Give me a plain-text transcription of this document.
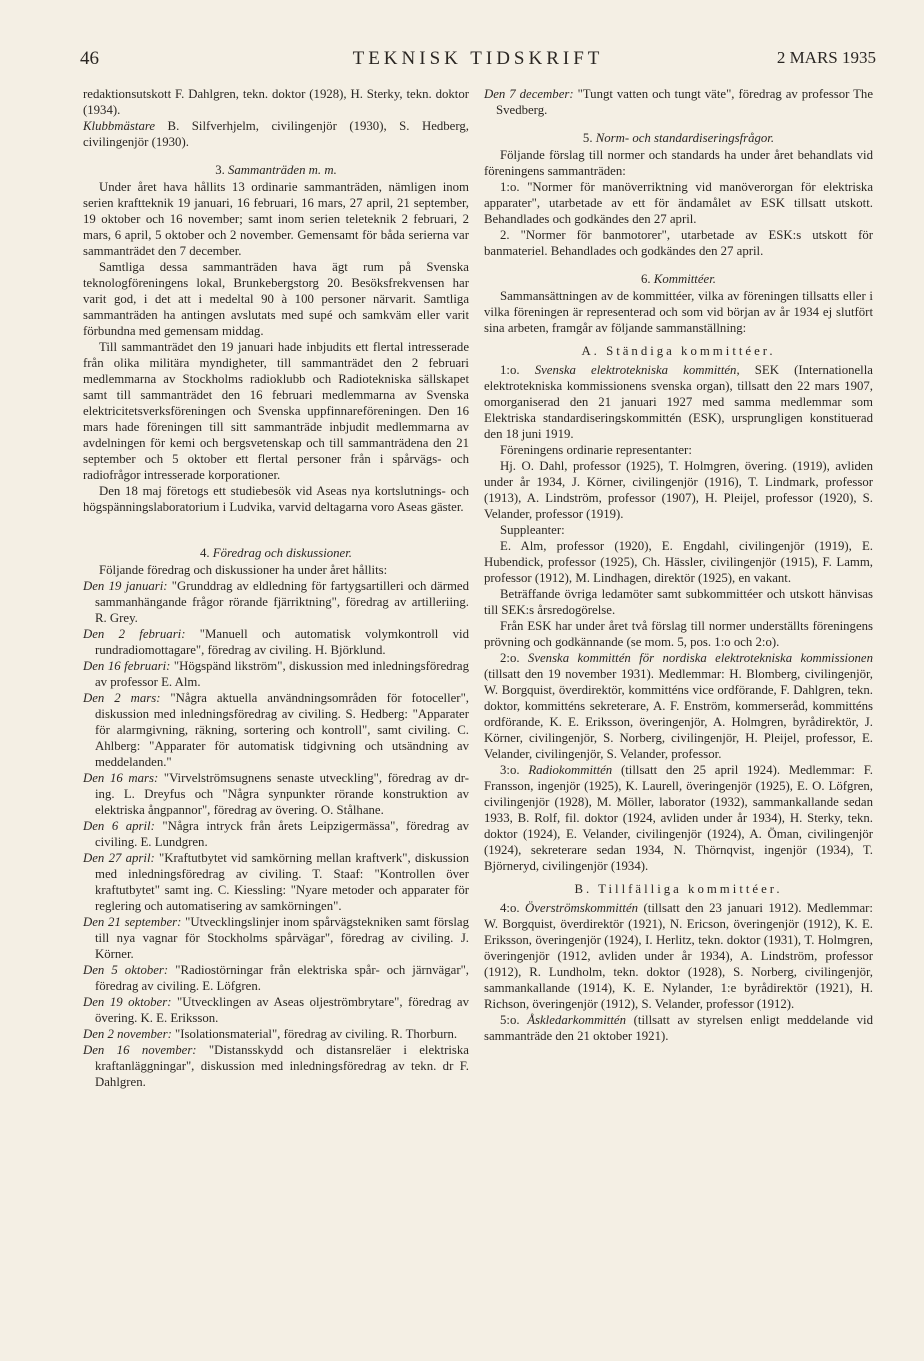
46	TEKNISK TIDSKRIFT	2 MARS 1935

redaktionsutskott F. Dahlgren, tekn. doktor (1928), H. Sterky, tekn. doktor (1934).

Klubbmästare B. Silfverhjelm, civilingenjör (1930), S. Hedberg, civilingenjör (1930).

3. Sammanträden m. m.

Under året hava hållits 13 ordinarie sammanträden, nämligen inom serien kraftteknik 19 januari, 16 februari, 16 mars, 27 april, 21 september, 19 oktober och 16 november; samt inom serien teleteknik 2 februari, 2 mars, 6 april, 5 oktober och 2 november. Gemensamt för båda serierna var sammanträdet den 7 december.

Samtliga dessa sammanträden hava ägt rum på Svenska teknologföreningens lokal, Brunkebergstorg 20. Besöksfrekvensen har varit god, i det att i medeltal 90 à 100 personer närvarit. Samtliga sammanträden ha antingen avslutats med supé och samkväm eller varit förbundna med gemensam middag.

Till sammanträdet den 19 januari hade inbjudits ett flertal intresserade från olika militära myndigheter, till sammanträdet den 2 februari medlemmarna av Stockholms radioklubb och Radiotekniska sällskapet samt till sammanträdet den 16 februari medlemmarna av Svenska elektricitetsverksföreningen och Svenska uppfinnareföreningen. Den 16 mars hade föreningen till sitt sammanträde inbjudit medlemmarna av avdelningen för kemi och bergsvetenskap och till sammanträdena den 21 september och 5 oktober ett flertal personer från i spårvägs- och radiofrågor intresserade korporationer.

Den 18 maj företogs ett studiebesök vid Aseas nya kortslutnings- och högspänningslaboratorium i Ludvika, varvid deltagarna voro Aseas gäster.

4. Föredrag och diskussioner.

Följande föredrag och diskussioner ha under året hållits:

Den 19 januari: "Grunddrag av eldledning för fartygsartilleri och därmed sammanhängande frågor rörande fjärriktning", föredrag av artilleriing. R. Grey.

Den 2 februari: "Manuell och automatisk volymkontroll vid rundradiomottagare", föredrag av civiling. H. Björklund.

Den 16 februari: "Högspänd likström", diskussion med inledningsföredrag av professor E. Alm.

Den 2 mars: "Några aktuella användningsområden för fotoceller", diskussion med inledningsföredrag av civiling. S. Hedberg: "Apparater för alarmgivning, räkning, sortering och kontroll", samt civiling. C. Ahlberg: "Apparater för automatisk tidgivning och utsändning av meddelanden."

Den 16 mars: "Virvelströmsugnens senaste utveckling", föredrag av dr-ing. L. Dreyfus och "Några synpunkter rörande konstruktion av elektriska ångpannor", föredrag av övering. O. Stålhane.

Den 6 april: "Några intryck från årets Leipzigermässa", föredrag av civiling. E. Lundgren.

Den 27 april: "Kraftutbytet vid samkörning mellan kraftverk", diskussion med inledningsföredrag av civiling. T. Staaf: "Kontrollen över kraftutbytet" samt ing. C. Kiessling: "Nyare metoder och apparater för reglering och automatisering av samkörningen".

Den 21 september: "Utvecklingslinjer inom spårvägstekniken samt förslag till nya vagnar för Stockholms spårvägar", föredrag av civiling. J. Körner.

Den 5 oktober: "Radiostörningar från elektriska spår- och järnvägar", föredrag av civiling. E. Löfgren.

Den 19 oktober: "Utvecklingen av Aseas oljeströmbrytare", föredrag av övering. K. E. Eriksson.

Den 2 november: "Isolationsmaterial", föredrag av civiling. R. Thorburn.

Den 16 november: "Distansskydd och distansreläer i elektriska kraftanläggningar", diskussion med inledningsföredrag av tekn. dr F. Dahlgren.

Den 7 december: "Tungt vatten och tungt väte", föredrag av professor The Svedberg.

5. Norm- och standardiseringsfrågor.

Följande förslag till normer och standards ha under året behandlats vid föreningens sammanträden:

1:o. "Normer för manöverriktning vid manöverorgan för elektriska apparater", utarbetade av ett för ändamålet av ESK tillsatt utskott. Behandlades och godkändes den 27 april.

2. "Normer för banmotorer", utarbetade av ESK:s utskott för banmateriel. Behandlades och godkändes den 27 april.

6. Kommittéer.

Sammansättningen av de kommittéer, vilka av föreningen tillsatts eller i vilka föreningen är representerad och som vid början av år 1934 ej slutfört sina arbeten, framgår av följande sammanställning:

A. Ständiga kommittéer.

1:o. Svenska elektrotekniska kommittén, SEK (Internationella elektrotekniska kommissionens svenska organ), tillsatt den 22 mars 1907, omorganiserad den 21 januari 1927 med samma medlemmar som Elektriska standardiseringskommittén (ESK), ursprungligen konstituerad den 18 juni 1919.

Föreningens ordinarie representanter:

Hj. O. Dahl, professor (1925), T. Holmgren, övering. (1919), avliden under år 1934, J. Körner, civilingenjör (1916), T. Lindmark, professor (1913), A. Lindström, professor (1907), H. Pleijel, professor (1920), S. Velander, professor (1919).

Suppleanter:

E. Alm, professor (1920), E. Engdahl, civilingenjör (1919), E. Hubendick, professor (1925), Ch. Hässler, civilingenjör (1915), F. Lamm, professor (1912), M. Lindhagen, direktör (1925), en vakant.

Beträffande övriga ledamöter samt subkommittéer och utskott hänvisas till SEK:s årsredogörelse.

Från ESK har under året två förslag till normer underställts föreningens prövning och godkännande (se mom. 5, pos. 1:o och 2:o).

2:o. Svenska kommittén för nordiska elektrotekniska kommissionen (tillsatt den 19 november 1931). Medlemmar: H. Blomberg, civilingenjör, W. Borgquist, överdirektör, kommitténs vice ordförande, F. Dahlgren, tekn. doktor, kommitténs sekreterare, A. F. Enström, kommerseråd, kommitténs ordförande, K. E. Eriksson, överingenjör, A. Holmgren, byrådirektör, J. Körner, civilingenjör, S. Norberg, civilingenjör, H. Pleijel, professor, E. Velander, civilingenjör, S. Velander, professor.

3:o. Radiokommittén (tillsatt den 25 april 1924). Medlemmar: F. Fransson, ingenjör (1925), K. Laurell, överingenjör (1925), E. O. Löfgren, civilingenjör (1928), M. Möller, laborator (1932), sammankallande sedan 1933, B. Rolf, fil. doktor (1924, avliden under år 1934), H. Sterky, tekn. doktor (1924), E. Velander, civilingenjör (1924), A. Öman, civilingenjör (1924), sekreterare sedan 1934, N. Thörnqvist, ingenjör (1934), T. Björneryd, civilingenjör (1934).

B. Tillfälliga kommittéer.

4:o. Överströmskommittén (tillsatt den 23 januari 1912). Medlemmar: W. Borgquist, överdirektör (1921), N. Ericson, överingenjör (1912), K. E. Eriksson, överingenjör (1924), I. Herlitz, tekn. doktor (1931), T. Holmgren, överingenjör (1912, avliden under år 1934), A. Lindström, professor (1912), R. Lundholm, tekn. doktor (1928), S. Norberg, civilingenjör, sammankallande (1914), K. E. Nylander, 1:e byrådirektör (1921), H. Richson, överingenjör (1912), S. Velander, professor (1912).

5:o. Åskledarkommittén (tillsatt av styrelsen enligt meddelande vid sammanträde den 21 oktober 1921).
